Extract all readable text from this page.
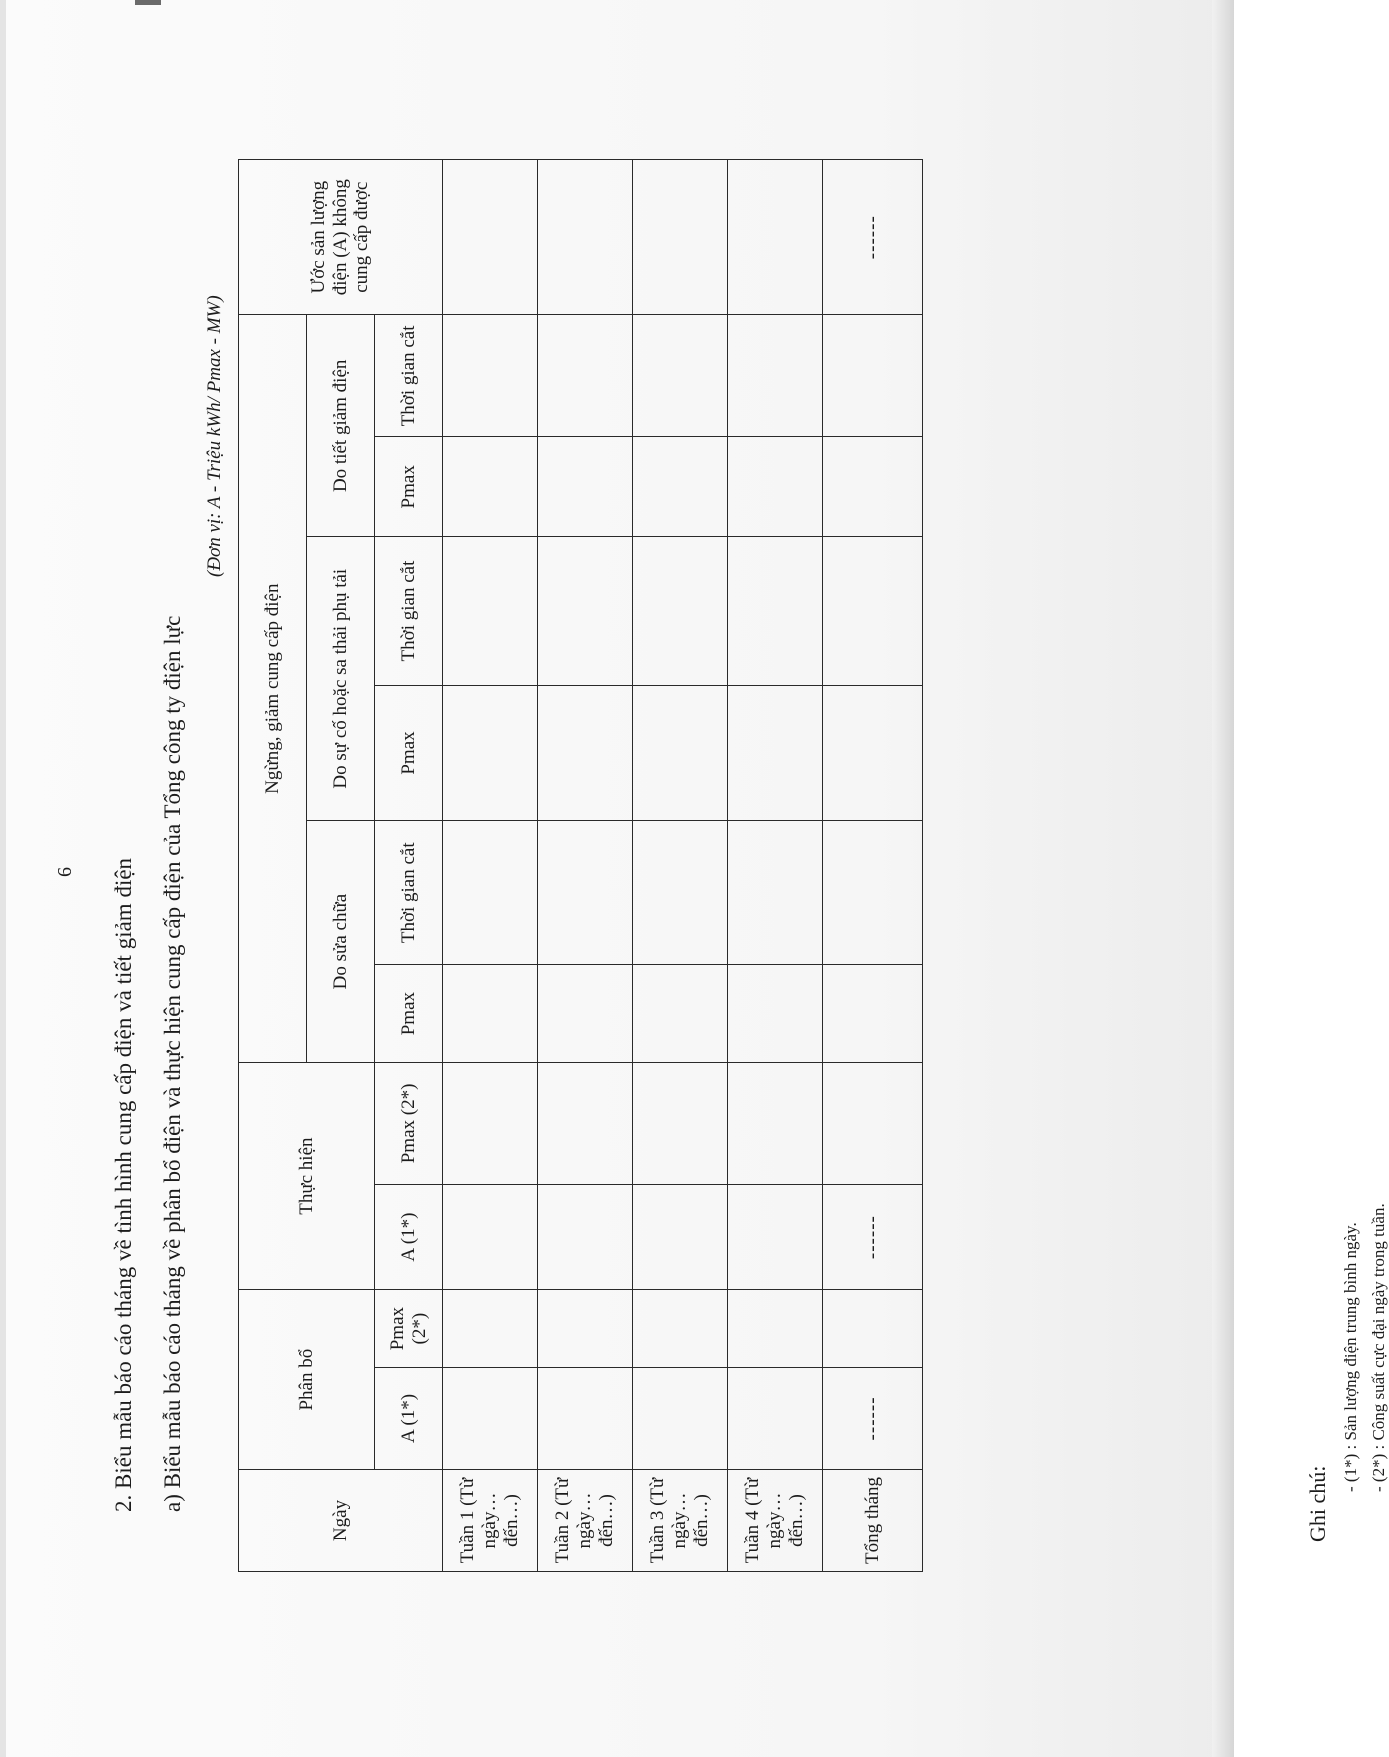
6 2. Biểu mẫu báo cáo tháng về tình hình cung cấp điện và tiết giảm điện a) Biểu mẫu báo cáo tháng về phân bổ điện và thực hiện cung cấp điện của Tổng công ty điện lực
(Đơn vị: A - Triệu kWh/ Pmax - MW)
Ngày	Phân bổ		Thực hiện		Ngừng, giảm cung cấp điện						Ước sản lượng điện (A) không cung cấp được
					Do sửa chữa		Do sự cố hoặc sa thải phụ tải		Do tiết giảm điện		
	A (1*)	Pmax (2*)	A (1*)	Pmax (2*)	Pmax	Thời gian cắt	Pmax	Thời gian cắt	Pmax	Thời gian cắt	
Tuần 1 (Từ ngày…đến…)											
Tuần 2 (Từ ngày…đến…)											
Tuần 3 (Từ ngày…đến…)											
Tuần 4 (Từ ngày…đến…)											
Tổng tháng	------		------								------
Ghi chú:
- (1*) : Sản lượng điện trung bình ngày. - (2*) : Công suất cực đại ngày trong tuần.
